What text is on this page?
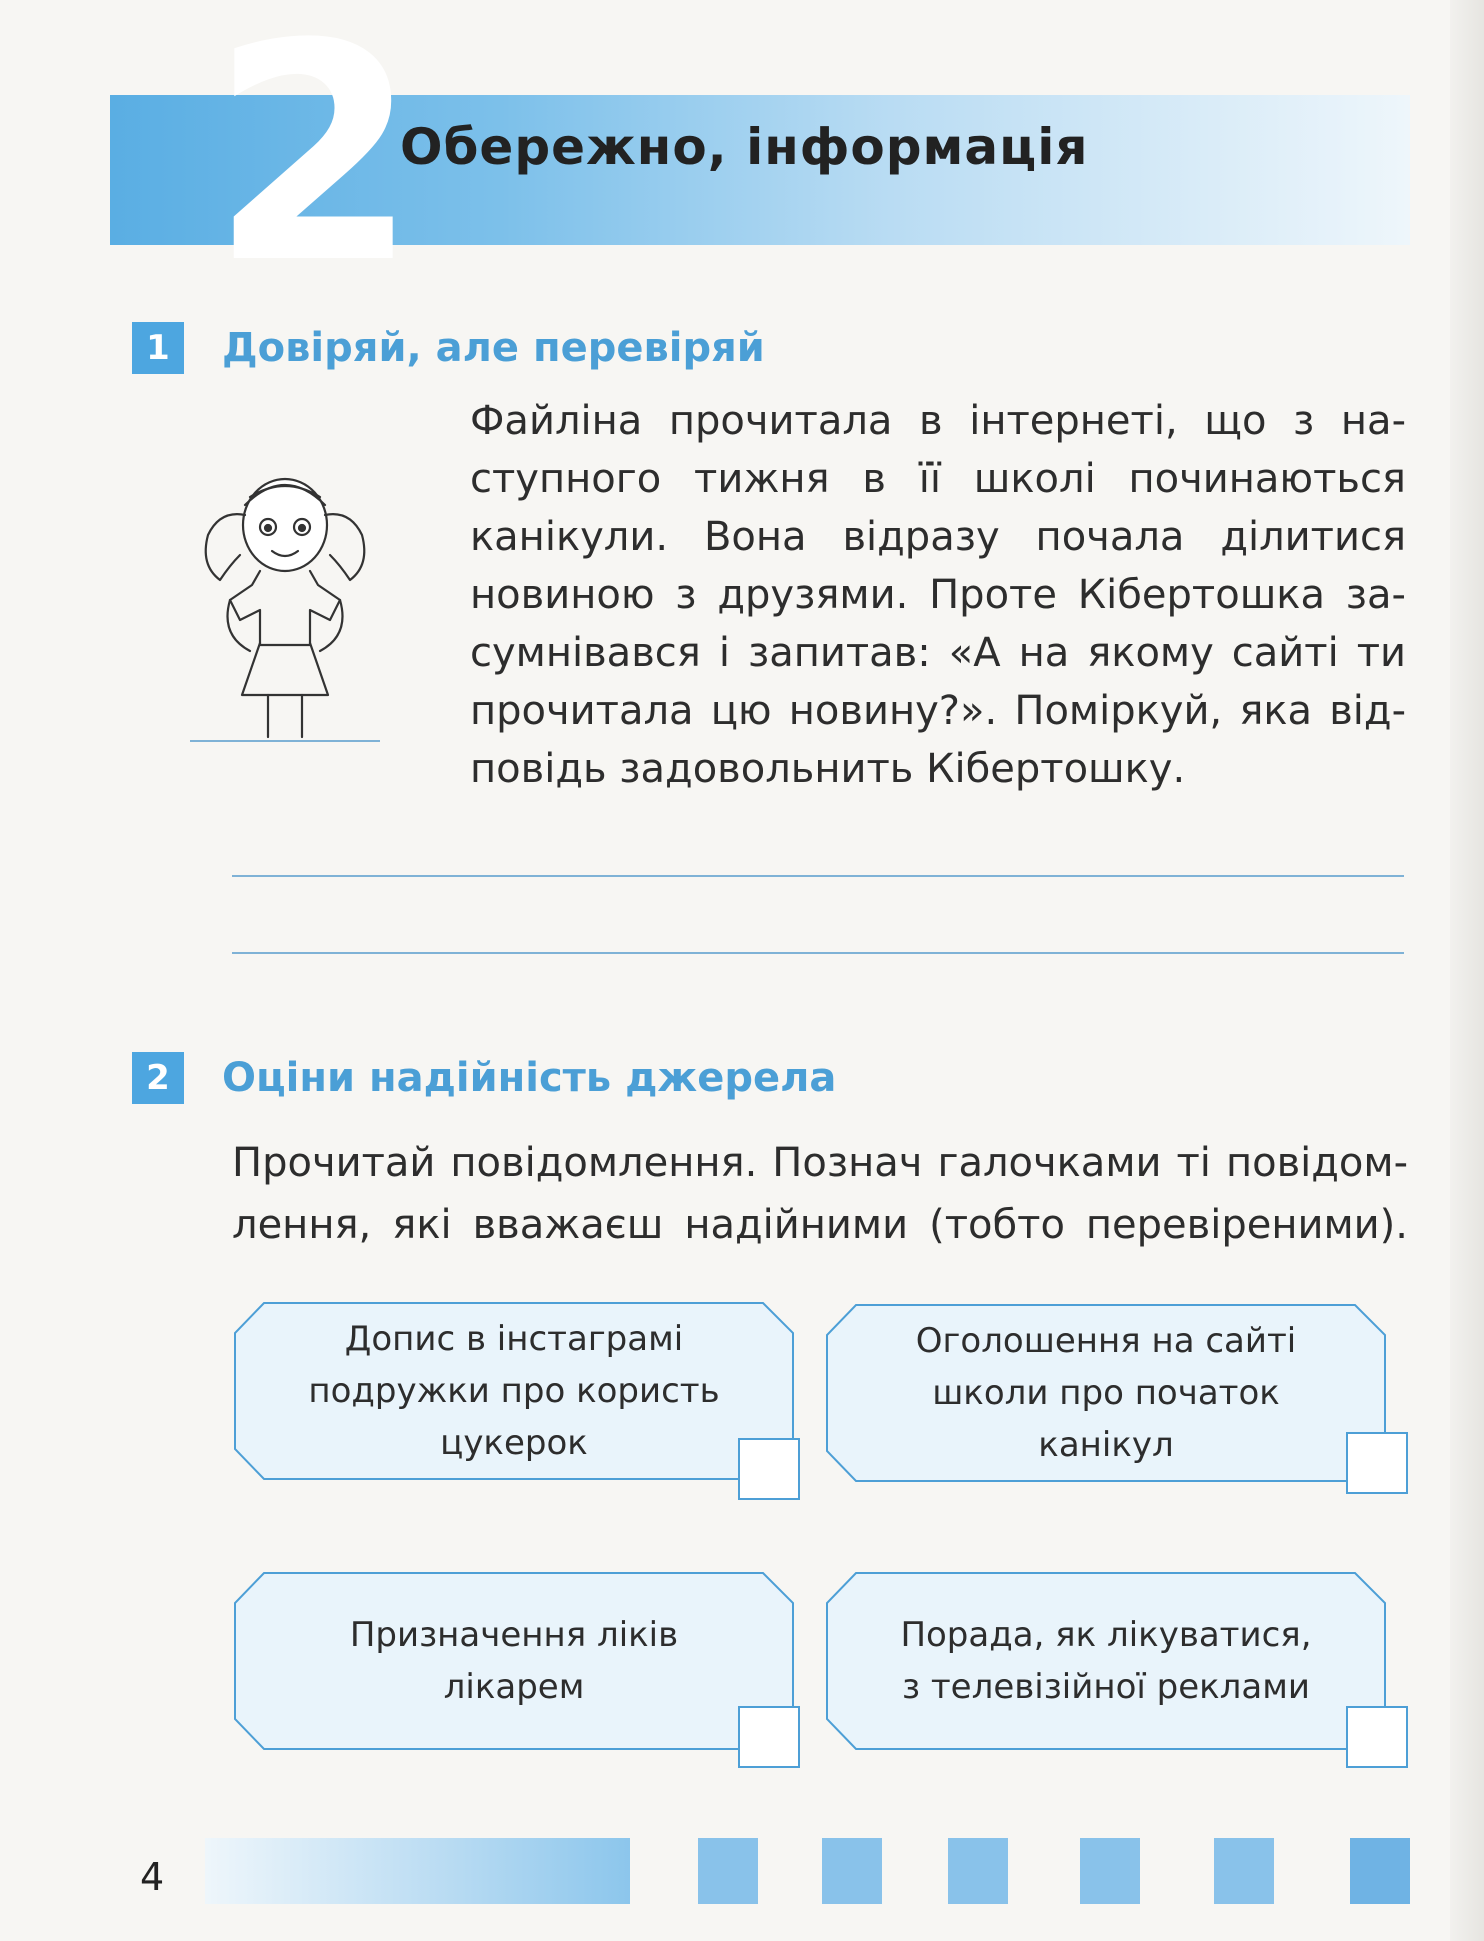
2
Обережно, інформація
1	Довіряй, але перевіряй
Файліна прочитала в інтернеті, що з на-
ступного тижня в її школі починаються
канікули. Вона відразу почала ділитися
новиною з друзями. Проте Кібертошка за-
сумнівався і запитав: «А на якому сайті ти
прочитала цю новину?». Поміркуй, яка від-
повідь задовольнить Кібертошку.
2	Оціни надійність джерела
Прочитай повідомлення. Познач галочками ті повідом-
лення, які вважаєш надійними (тобто перевіреними).
Допис в інстаграмі
подружки про користь
цукерок
Оголошення на сайті
школи про початок
канікул
Призначення ліків
лікарем
Порада, як лікуватися,
з телевізійної реклами
4
